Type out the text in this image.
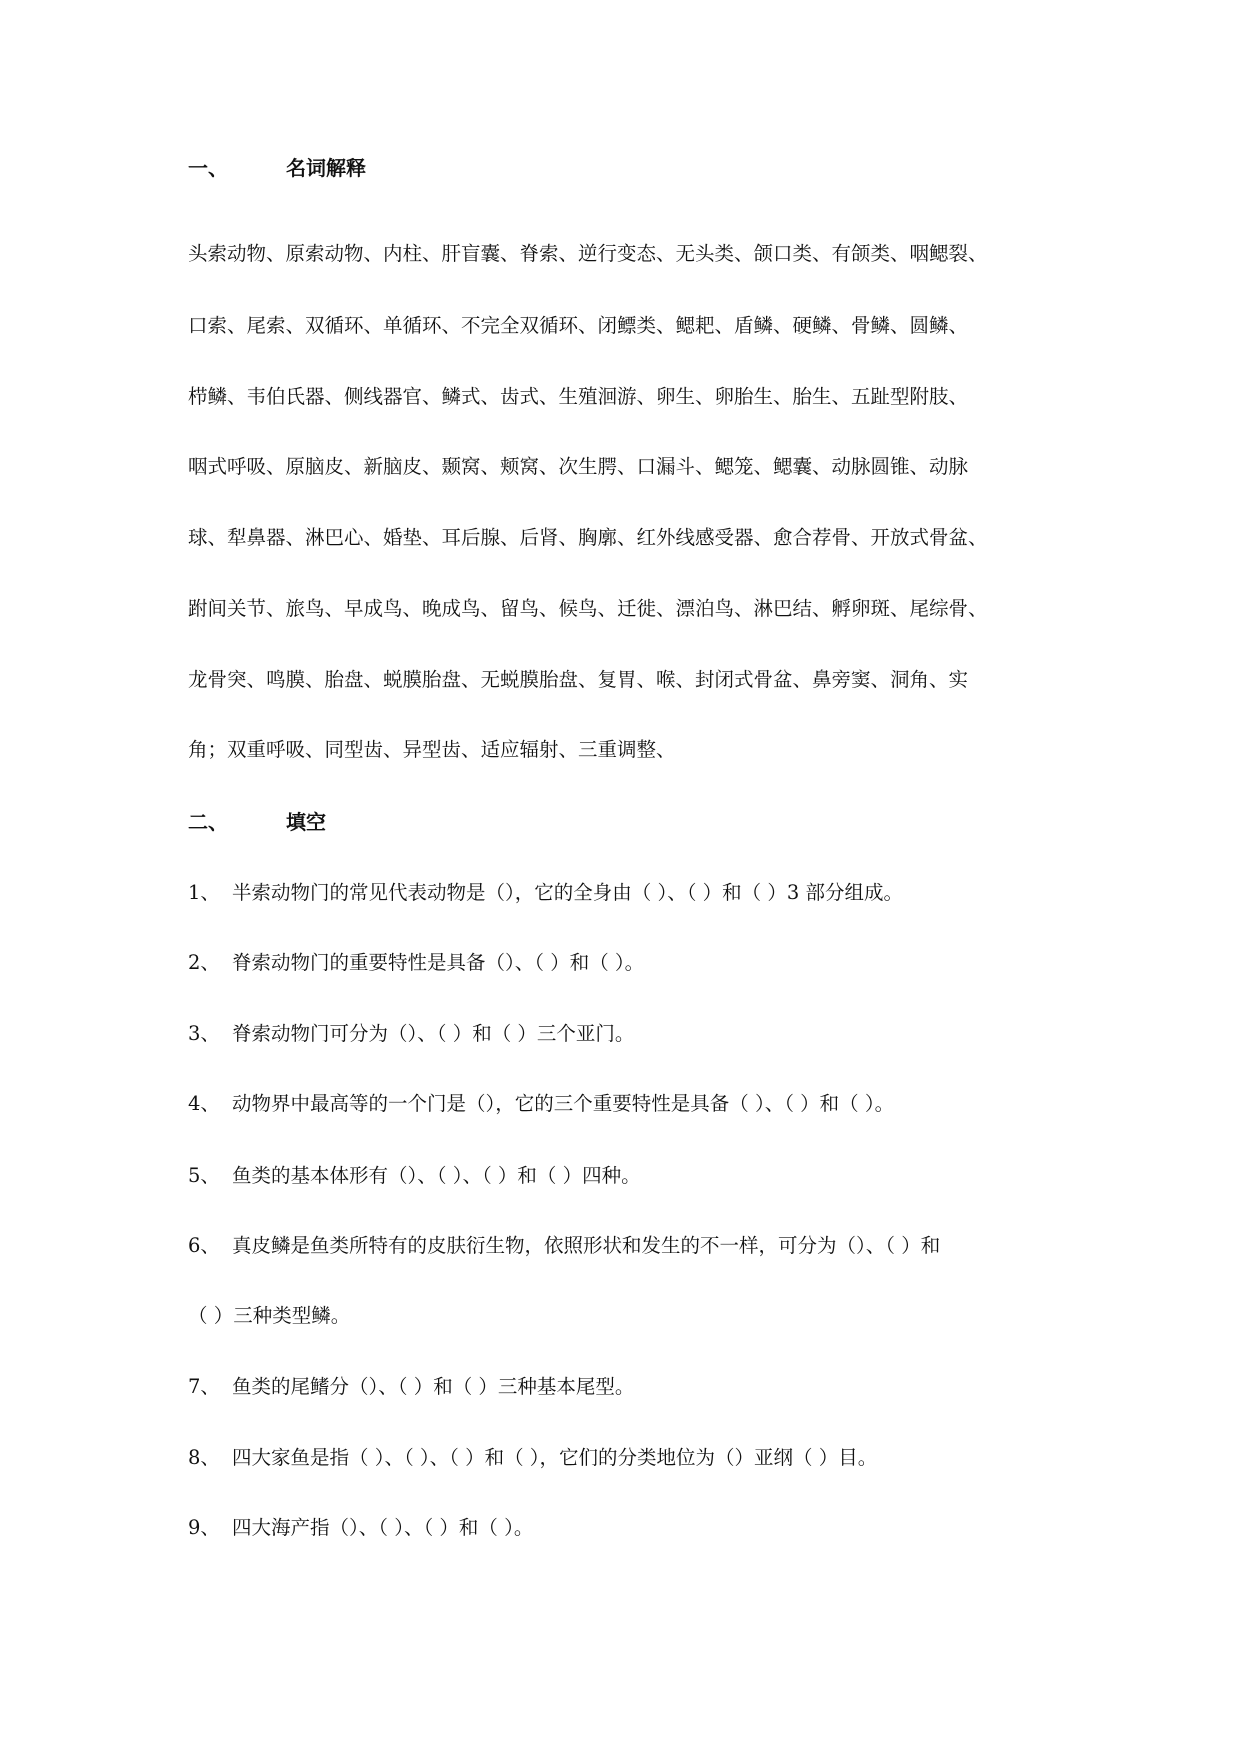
一、	名词解释
头索动物、原索动物、内柱、肝盲囊、脊索、逆行变态、无头类、颌口类、有颌类、咽鳃裂、
口索、尾索、双循环、单循环、不完全双循环、闭鳔类、鳃耙、盾鳞、硬鳞、骨鳞、圆鳞、
栉鳞、韦伯氏器、侧线器官、鳞式、齿式、生殖洄游、卵生、卵胎生、胎生、五趾型附肢、
咽式呼吸、原脑皮、新脑皮、颞窝、颊窝、次生腭、口漏斗、鳃笼、鳃囊、动脉圆锥、动脉
球、犁鼻器、淋巴心、婚垫、耳后腺、后肾、胸廓、红外线感受器、愈合荐骨、开放式骨盆、
跗间关节、旅鸟、早成鸟、晚成鸟、留鸟、候鸟、迁徙、漂泊鸟、淋巴结、孵卵斑、尾综骨、
龙骨突、鸣膜、胎盘、蜕膜胎盘、无蜕膜胎盘、复胃、喉、封闭式骨盆、鼻旁窦、洞角、实
角；双重呼吸、同型齿、异型齿、适应辐射、三重调整、
二、	填空
1、 半索动物门的常见代表动物是（），它的全身由（ ）、（ ）和（ ）3 部分组成。
2、 脊索动物门的重要特性是具备（）、（ ）和（ ）。
3、 脊索动物门可分为（）、（ ）和（ ）三个亚门。
4、 动物界中最高等的一个门是（），它的三个重要特性是具备（ ）、（ ）和（ ）。
5、 鱼类的基本体形有（）、（ ）、（ ）和（ ）四种。
6、 真皮鳞是鱼类所特有的皮肤衍生物，依照形状和发生的不一样，可分为（）、（ ）和
（ ）三种类型鳞。
7、 鱼类的尾鳍分（）、（ ）和（ ）三种基本尾型。
8、 四大家鱼是指（ ）、（ ）、（ ）和（ ），它们的分类地位为（）亚纲（ ）目。
9、 四大海产指（）、（ ）、（ ）和（ ）。
